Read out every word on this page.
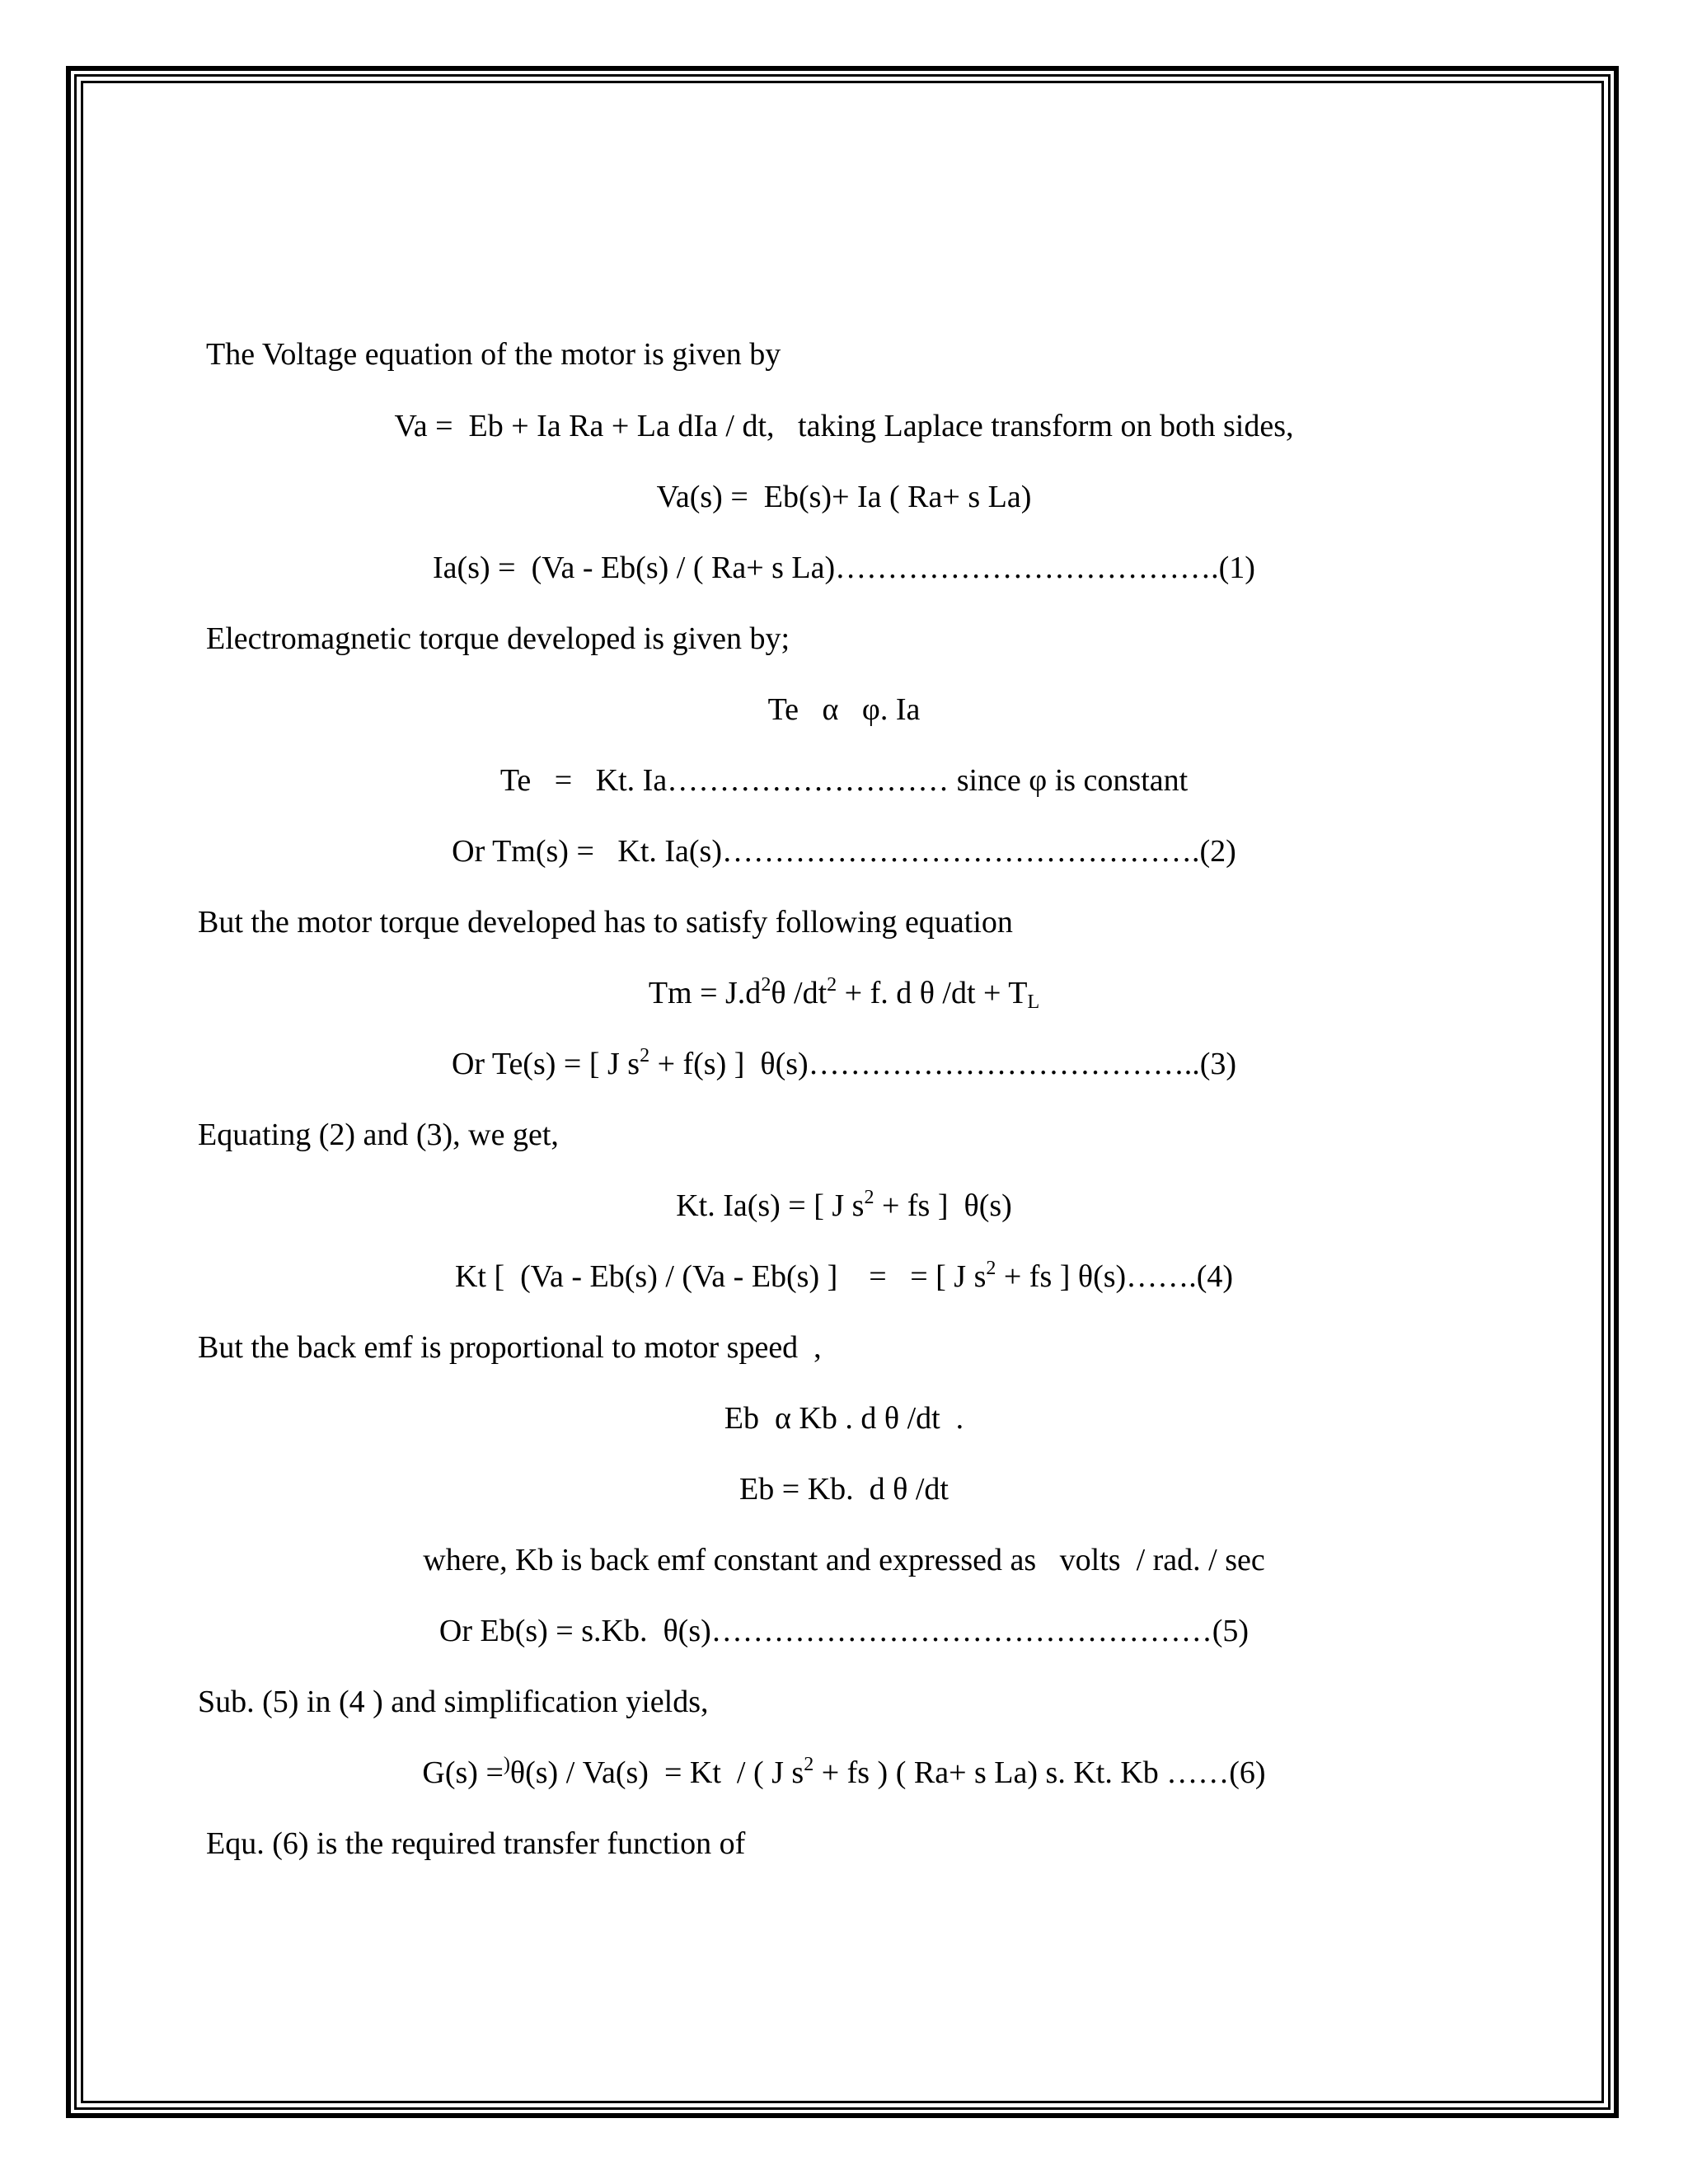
The Voltage equation of the motor is given by
Va =  Eb + Ia Ra + La dIa / dt,   taking Laplace transform on both sides,
Va(s) =  Eb(s)+ Ia ( Ra+ s La)
Ia(s) =  (Va - Eb(s) / ( Ra+ s La)……………………………….(1)
Electromagnetic torque developed is given by;
Te   α   φ. Ia
Te   =   Kt. Ia……………………… since φ is constant
Or Tm(s) =   Kt. Ia(s)……………………………………….(2)
But the motor torque developed has to satisfy following equation
$Tm = J.d^2\theta$ $/dt^2 + f$. d θ $/dt + T_L$
Or Te(s) = [ J $s^2 + f(s)$ ]  θ(s)………………………………..(3)
Equating (2) and (3), we get,
Kt. Ia(s) = [ J $s^2$ + fs ]  θ(s)
Kt [  (Va - Eb(s) / (Va - Eb(s) ]    =   = [ J $s^2$ + fs ] θ(s)…….(4)
But the back emf is proportional to motor speed  ,
Eb  α Kb . d θ /dt  .
Eb = Kb.  d θ /dt
where, Kb is back emf constant and expressed as   volts  / rad. / sec
Or Eb(s) = s.Kb.  θ(s)…………………………………………(5)
Sub. (5) in (4 ) and simplification yields,
G(s) =)θ(s) / Va(s)  = Kt  / ( J $s^2$ + fs ) ( Ra+ s La) s. Kt. Kb ……(6)
Equ. (6) is the required transfer function of
